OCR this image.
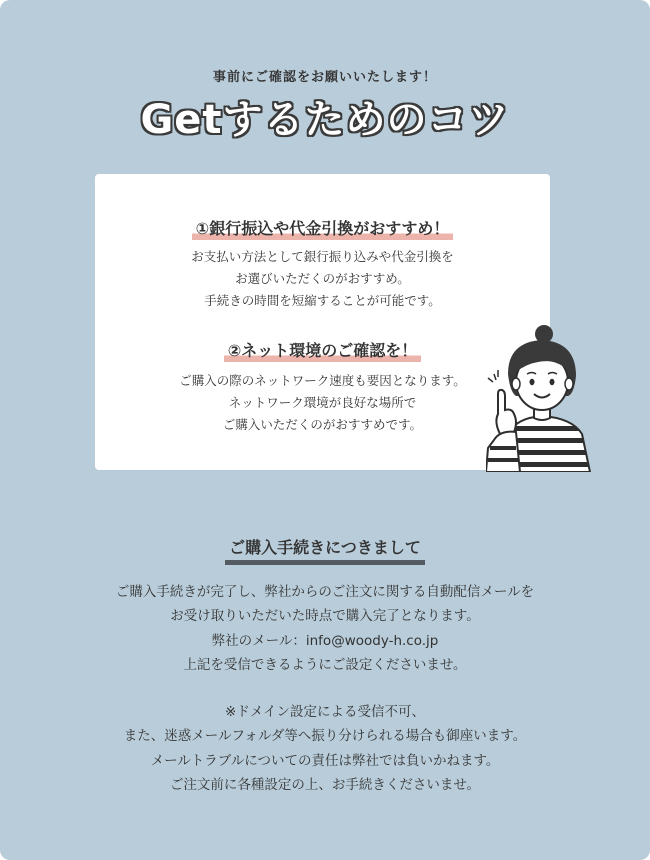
事前にご確認をお願いいたします！
Getするためのコツ
①銀行振込や代金引換がおすすめ！
お支払い方法として銀行振り込みや代金引換を
お選びいただくのがおすすめ。
手続きの時間を短縮することが可能です。
②ネット環境のご確認を！
ご購入の際のネットワーク速度も要因となります。
ネットワーク環境が良好な場所で
ご購入いただくのがおすすめです。
ご購入手続きにつきまして
ご購入手続きが完了し、弊社からのご注文に関する自動配信メールを
お受け取りいただいた時点で購入完了となります。
弊社のメール：info@woody-h.co.jp
上記を受信できるようにご設定くださいませ。
※ドメイン設定による受信不可、
また、迷惑メールフォルダ等へ振り分けられる場合も御座います。
メールトラブルについての責任は弊社では負いかねます。
ご注文前に各種設定の上、お手続きくださいませ。
